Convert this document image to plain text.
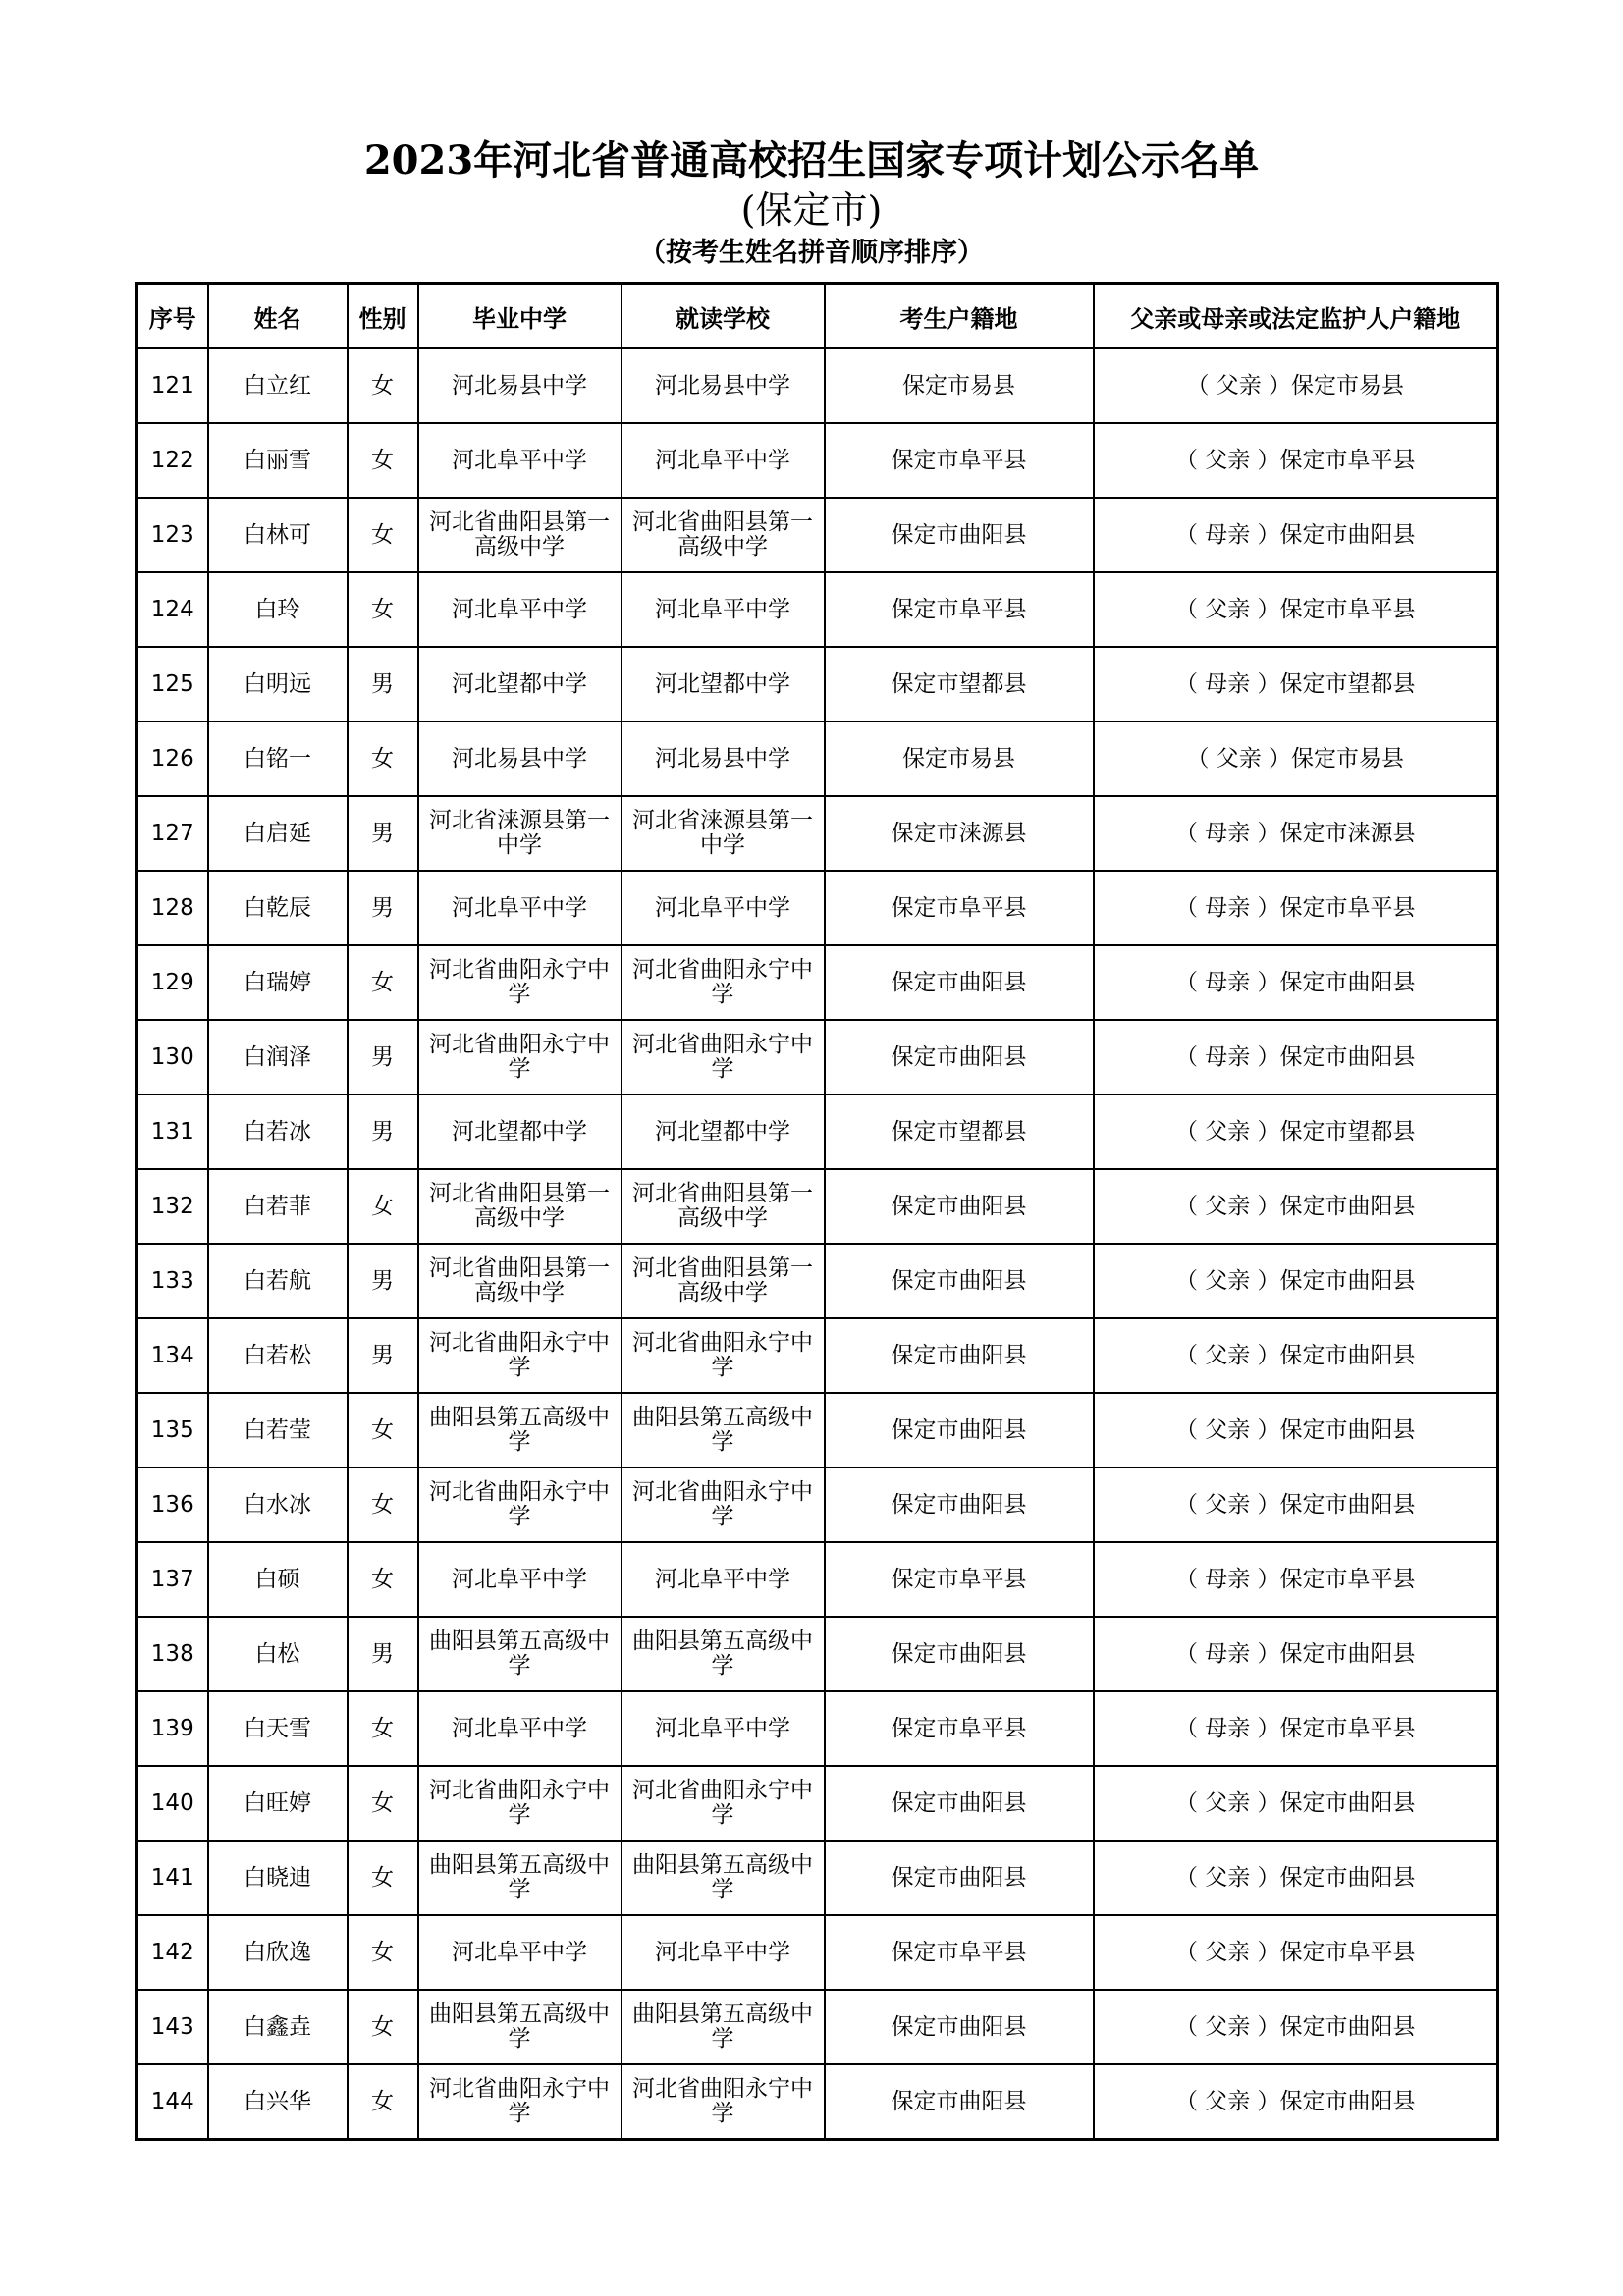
2023年河北省普通高校招生国家专项计划公示名单

(保定市)

（按考生姓名拼音顺序排序）

序号	姓名	性别	毕业中学	就读学校	考生户籍地	父亲或母亲或法定监护人户籍地
121	白立红	女	河北易县中学	河北易县中学	保定市易县	（ 父亲 ）保定市易县
122	白丽雪	女	河北阜平中学	河北阜平中学	保定市阜平县	（ 父亲 ）保定市阜平县
123	白林可	女	河北省曲阳县第一高级中学	河北省曲阳县第一高级中学	保定市曲阳县	（ 母亲 ）保定市曲阳县
124	白玲	女	河北阜平中学	河北阜平中学	保定市阜平县	（ 父亲 ）保定市阜平县
125	白明远	男	河北望都中学	河北望都中学	保定市望都县	（ 母亲 ）保定市望都县
126	白铭一	女	河北易县中学	河北易县中学	保定市易县	（ 父亲 ）保定市易县
127	白启延	男	河北省涞源县第一中学	河北省涞源县第一中学	保定市涞源县	（ 母亲 ）保定市涞源县
128	白乾辰	男	河北阜平中学	河北阜平中学	保定市阜平县	（ 母亲 ）保定市阜平县
129	白瑞婷	女	河北省曲阳永宁中学	河北省曲阳永宁中学	保定市曲阳县	（ 母亲 ）保定市曲阳县
130	白润泽	男	河北省曲阳永宁中学	河北省曲阳永宁中学	保定市曲阳县	（ 母亲 ）保定市曲阳县
131	白若冰	男	河北望都中学	河北望都中学	保定市望都县	（ 父亲 ）保定市望都县
132	白若菲	女	河北省曲阳县第一高级中学	河北省曲阳县第一高级中学	保定市曲阳县	（ 父亲 ）保定市曲阳县
133	白若航	男	河北省曲阳县第一高级中学	河北省曲阳县第一高级中学	保定市曲阳县	（ 父亲 ）保定市曲阳县
134	白若松	男	河北省曲阳永宁中学	河北省曲阳永宁中学	保定市曲阳县	（ 父亲 ）保定市曲阳县
135	白若莹	女	曲阳县第五高级中学	曲阳县第五高级中学	保定市曲阳县	（ 父亲 ）保定市曲阳县
136	白水冰	女	河北省曲阳永宁中学	河北省曲阳永宁中学	保定市曲阳县	（ 父亲 ）保定市曲阳县
137	白硕	女	河北阜平中学	河北阜平中学	保定市阜平县	（ 母亲 ）保定市阜平县
138	白松	男	曲阳县第五高级中学	曲阳县第五高级中学	保定市曲阳县	（ 母亲 ）保定市曲阳县
139	白天雪	女	河北阜平中学	河北阜平中学	保定市阜平县	（ 母亲 ）保定市阜平县
140	白旺婷	女	河北省曲阳永宁中学	河北省曲阳永宁中学	保定市曲阳县	（ 父亲 ）保定市曲阳县
141	白晓迪	女	曲阳县第五高级中学	曲阳县第五高级中学	保定市曲阳县	（ 父亲 ）保定市曲阳县
142	白欣逸	女	河北阜平中学	河北阜平中学	保定市阜平县	（ 父亲 ）保定市阜平县
143	白鑫垚	女	曲阳县第五高级中学	曲阳县第五高级中学	保定市曲阳县	（ 父亲 ）保定市曲阳县
144	白兴华	女	河北省曲阳永宁中学	河北省曲阳永宁中学	保定市曲阳县	（ 父亲 ）保定市曲阳县
